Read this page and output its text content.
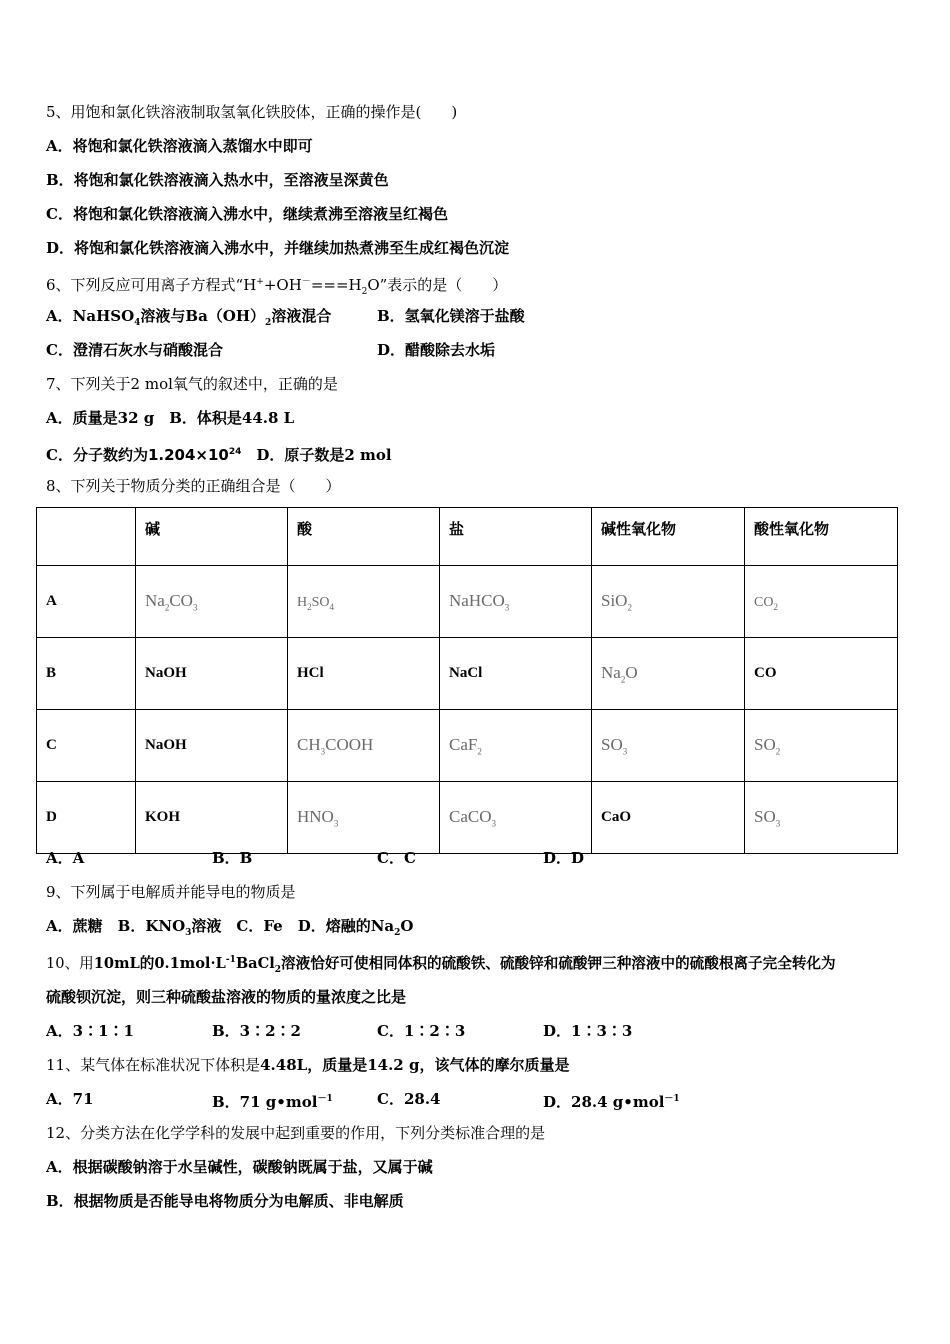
5、用饱和氯化铁溶液制取氢氧化铁胶体，正确的操作是(　　)
A．将饱和氯化铁溶液滴入蒸馏水中即可
B．将饱和氯化铁溶液滴入热水中，至溶液呈深黄色
C．将饱和氯化铁溶液滴入沸水中，继续煮沸至溶液呈红褐色
D．将饱和氯化铁溶液滴入沸水中，并继续加热煮沸至生成红褐色沉淀
6、下列反应可用离子方程式“$H^++OH^-===H_2O$”表示的是（　　）
A．NaHSO$_4$溶液与$Ba(OH)_2$溶液混合	B．氢氧化镁溶于盐酸
C．澄清石灰水与硝酸混合	D．醋酸除去水垢
7、下列关于2 mol氧气的叙述中，正确的是
A．质量是32 g　B．体积是44.8 L
C．分子数约为$1.204\times 10^{24}$　 D．原子数是2 mol
8、下列关于物质分类的正确组合是（　　）
	碱	酸	盐	碱性氧化物	酸性氧化物
A	$Na_2CO_3$	$H_2SO_4$	NaHCO$_3$	SiO$_2$	$CO_2$
B	NaOH	HCl	NaCl	$Na_2O$	CO
C	NaOH	$CH_3COOH$	CaF$_2$	$SO_3$	$SO_2$
D	KOH	$HNO_3$	CaCO$_3$	CaO	$SO_3$
A．A	B．B	C．C	D．D
9、下列属于电解质并能导电的物质是
A．蔗糖　B．$KNO_3$溶液　C．Fe　D．熔融的$Na_2O$
10、用10mL的$0.1mol\cdot L^{-1}BaCl_2$溶液恰好可使相同体积的硫酸铁、硫酸锌和硫酸钾三种溶液中的硫酸根离子完全转化为
硫酸钡沉淀，则三种硫酸盐溶液的物质的量浓度之比是
A．3∶1∶1	B．3∶2∶2	C．1∶2∶3	D．1∶3∶3
11、某气体在标准状况下体积是4.48L，质量是14.2 g，该气体的摩尔质量是
A．71	B．71 g•mol$^{-1}$	C．28.4	D．28.4 g•mol$^{-1}$
12、分类方法在化学学科的发展中起到重要的作用，下列分类标准合理的是
A．根据碳酸钠溶于水呈碱性，碳酸钠既属于盐，又属于碱
B．根据物质是否能导电将物质分为电解质、非电解质
